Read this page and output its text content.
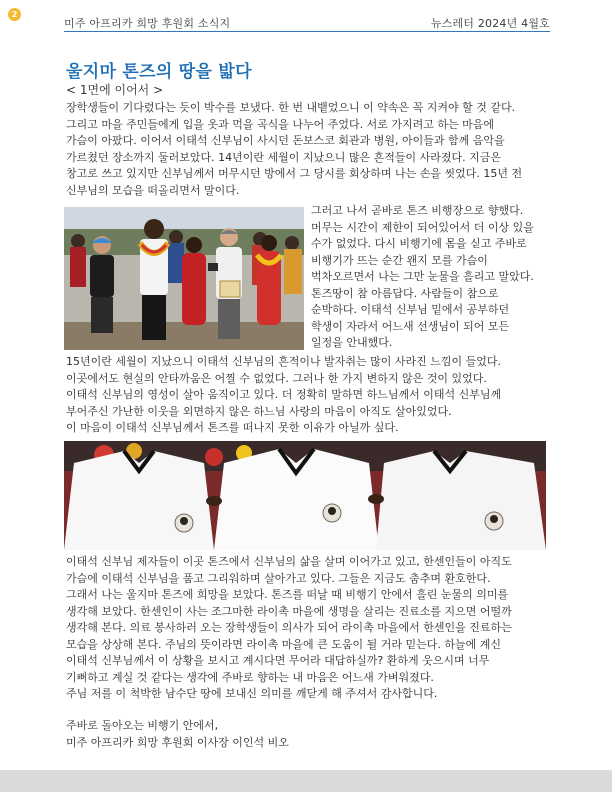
2
미주 아프리카 희망 후원회 소식지	뉴스레터 2024년 4월호
울지마 톤즈의 땅을 밟다
< 1면에 이어서 >
장학생들이 기다렸다는 듯이 박수를 보냈다. 한 번 내뱉었으니 이 약속은 꼭 지켜야 할 것 같다.
그리고 마을 주민들에게 입을 옷과 먹을 곡식을 나누어 주었다. 서로 가지려고 하는 마음에
가슴이 아팠다. 이어서 이태석 신부님이 사시던 돈보스코 회관과 병원, 아이들과 함께 음악을
가르쳤던 장소까지 둘러보았다. 14년이란 세월이 지났으니 많은 흔적들이 사라졌다. 지금은
창고로 쓰고 있지만 신부님께서 머무시던 방에서 그 당시를 회상하며 나는 손을 씻었다. 15년 전
신부님의 모습을 떠올리면서 말이다.
그러고 나서 곧바로 톤즈 비행장으로 향했다.
머무는 시간이 제한이 되어있어서 더 이상 있을
수가 없었다. 다시 비행기에 몸을 싣고 주바로
비행기가 뜨는 순간 왠지 모를 가슴이
벅차오르면서 나는 그만 눈물을 흘리고 말았다.
톤즈땅이 참 아름답다. 사람들이 참으로
순박하다. 이태석 신부님 밑에서 공부하던
학생이 자라서 어느새 선생님이 되어 모든
일정을 안내했다.
15년이란 세월이 지났으니 이태석 신부님의 흔적이나 발자취는 많이 사라진 느낌이 들었다.
이곳에서도 현실의 안타까움은 어찔 수 없었다. 그러나 한 가지 변하지 않은 것이 있었다.
이태석 신부님의 영성이 살아 움직이고 있다. 더 정확히 말하면 하느님께서 이태석 신부님께
부어주신 가난한 이웃을 외면하지 않은 하느님 사랑의 마음이 아직도 살아있었다.
이 마음이 이태석 신부님께서 톤즈를 떠나지 못한 이유가 아닐까 싶다.
이태석 신부님 제자들이 이곳 톤즈에서 신부님의 삶을 살며 이어가고 있고, 한센인들이 아직도
가슴에 이태석 신부님을 품고 그리워하며 살아가고 있다. 그들은 지금도 춤추며 환호한다.
그래서 나는 울지마 톤즈에 희망을 보았다. 톤즈를 떠날 때 비행기 안에서 흘린 눈물의 의미를
생각해 보았다. 한센인이 사는 조그마한 라이촉 마을에 생명을 살리는 진료소를 지으면 어떨까
생각해 본다. 의료 봉사하러 오는 장학생들이 의사가 되어 라이촉 마을에서 한센인을 진료하는
모습을 상상해 본다. 주님의 뜻이라면 라이촉 마을에 큰 도움이 될 거라 믿는다. 하늘에 계신
이태석 신부님께서 이 상황을 보시고 계시다면 무어라 대답하실까? 환하게 웃으시며 너무
기뻐하고 계실 것 같다는 생각에 주바로 향하는 내 마음은 어느새 가벼워졌다.
주님 저를 이 척박한 남수단 땅에 보내신 의미를 깨닫게 해 주셔서 감사합니다.
주바로 돌아오는 비행기 안에서,
미주 아프리카 희망 후원회 이사장 이인석 비오
